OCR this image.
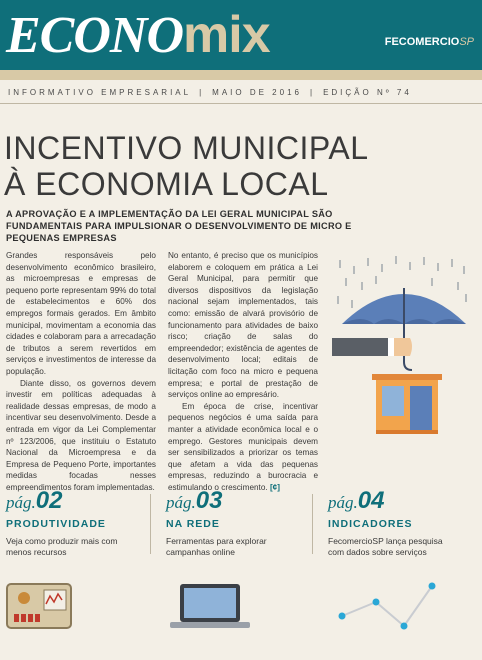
ECONOmix	FECOMERCIOSP
INFORMATIVO EMPRESARIAL | MAIO DE 2016 | EDIÇÃO Nº 74
INCENTIVO MUNICIPAL
À ECONOMIA LOCAL
A APROVAÇÃO E A IMPLEMENTAÇÃO DA LEI GERAL MUNICIPAL SÃO FUNDAMENTAIS PARA IMPULSIONAR O DESENVOLVIMENTO DE MICRO E PEQUENAS EMPRESAS

Grandes responsáveis pelo desenvolvimento econômico brasileiro, as microempresas e empresas de pequeno porte representam 99% do total de estabelecimentos e 60% dos empregos formais gerados. Em âmbito municipal, movimentam a economia das cidades e colaboram para a arrecadação de tributos a serem revertidos em serviços e investimentos de interesse da população.

Diante disso, os governos devem investir em políticas adequadas à realidade dessas empresas, de modo a incentivar seu desenvolvimento. Desde a entrada em vigor da Lei Complementar nº 123/2006, que instituiu o Estatuto Nacional da Microempresa e da Empresa de Pequeno Porte, importantes medidas focadas nesses empreendimentos foram implementadas.

No entanto, é preciso que os municípios elaborem e coloquem em prática a Lei Geral Municipal, para permitir que diversos dispositivos da legislação nacional sejam implementados, tais como: emissão de alvará provisório de funcionamento para atividades de baixo risco; criação de salas do empreendedor; existência de agentes de desenvolvimento local; editais de licitação com foco na micro e pequena empresa; e portal de prestação de serviços online ao empresário.

Em época de crise, incentivar pequenos negócios é uma saída para manter a atividade econômica local e o emprego. Gestores municipais devem ser sensibilizados a priorizar os temas que afetam a vida das pequenas empresas, reduzindo a burocracia e estimulando o crescimento. [¢]

pág.02
PRODUTIVIDADE
Veja como produzir mais com menos recursos
pág.03
NA REDE
Ferramentas para explorar campanhas online
pág.04
INDICADORES
FecomercioSP lança pesquisa com dados sobre serviços
